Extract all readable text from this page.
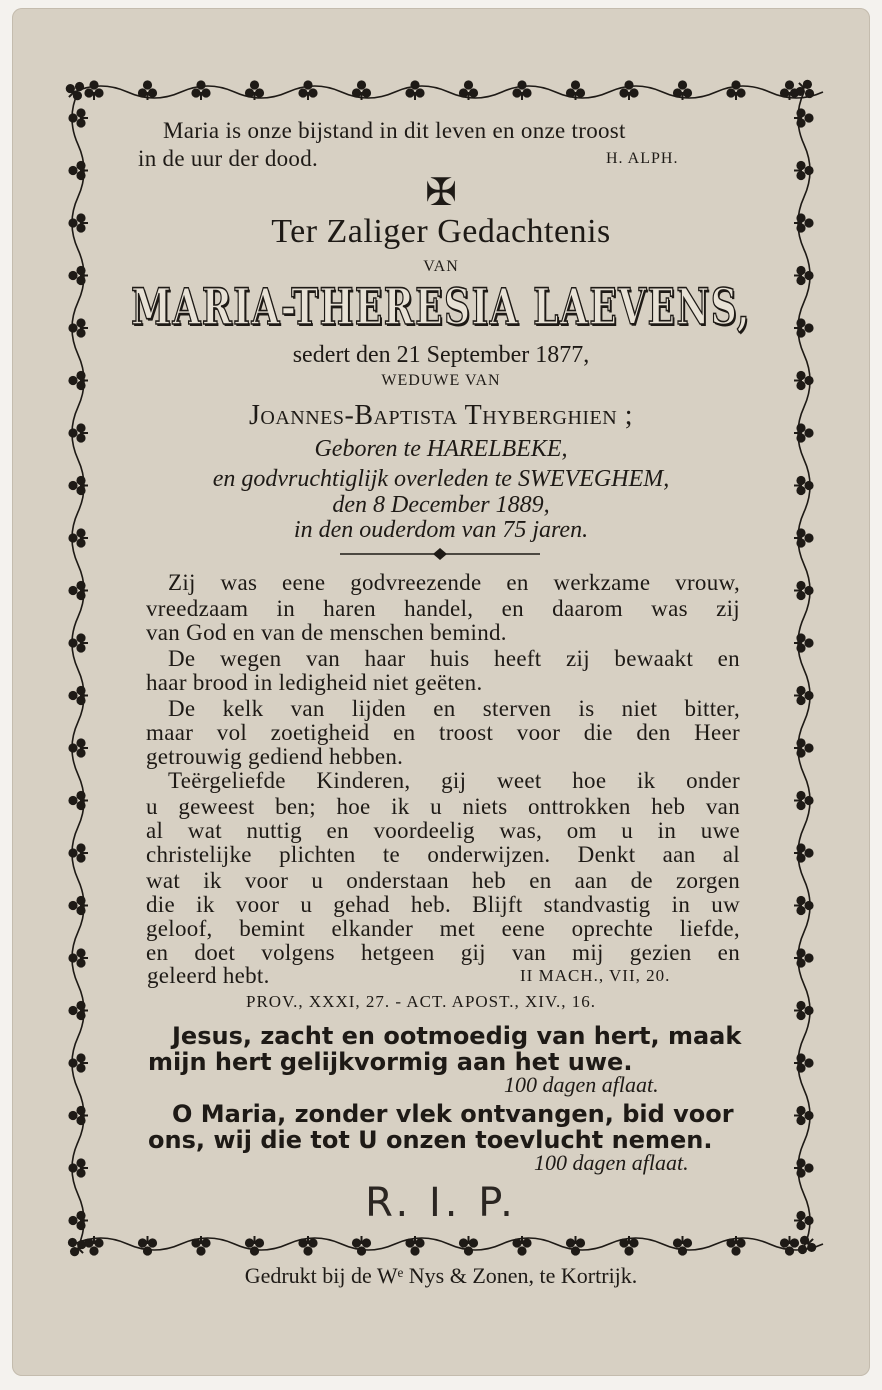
Maria is onze bijstand in dit leven en onze troost
in de uur der dood.	H. ALPH.
✠
Ter Zaliger Gedachtenis
VAN
MARIA-THERESIA LAEVENS,
sedert den 21 September 1877,
WEDUWE VAN
Joannes-Baptista Thyberghien ;
Geboren te HARELBEKE,
en godvruchtiglijk overleden te SWEVEGHEM,
den 8 December 1889,
in den ouderdom van 75 jaren.
Zij was eene godvreezende en werkzame vrouw,
vreedzaam in haren handel, en daarom was zij
van God en van de menschen bemind.
De wegen van haar huis heeft zij bewaakt en
haar brood in ledigheid niet geëten.
De kelk van lijden en sterven is niet bitter,
maar vol zoetigheid en troost voor die den Heer
getrouwig gediend hebben.
Teërgeliefde Kinderen, gij weet hoe ik onder
u geweest ben; hoe ik u niets onttrokken heb van
al wat nuttig en voordeelig was, om u in uwe
christelijke plichten te onderwijzen. Denkt aan al
wat ik voor u onderstaan heb en aan de zorgen
die ik voor u gehad heb. Blijft standvastig in uw
geloof, bemint elkander met eene oprechte liefde,
en doet volgens hetgeen gij van mij gezien en
geleerd hebt.	II MACH., VII, 20.
PROV., XXXI, 27. - ACT. APOST., XIV., 16.
Jesus, zacht en ootmoedig van hert, maak
mijn hert gelijkvormig aan het uwe.
100 dagen aflaat.
O Maria, zonder vlek ontvangen, bid voor
ons, wij die tot U onzen toevlucht nemen.
100 dagen aflaat.
R. I. P.
Gedrukt bij de Wᵉ Nys & Zonen, te Kortrijk.
